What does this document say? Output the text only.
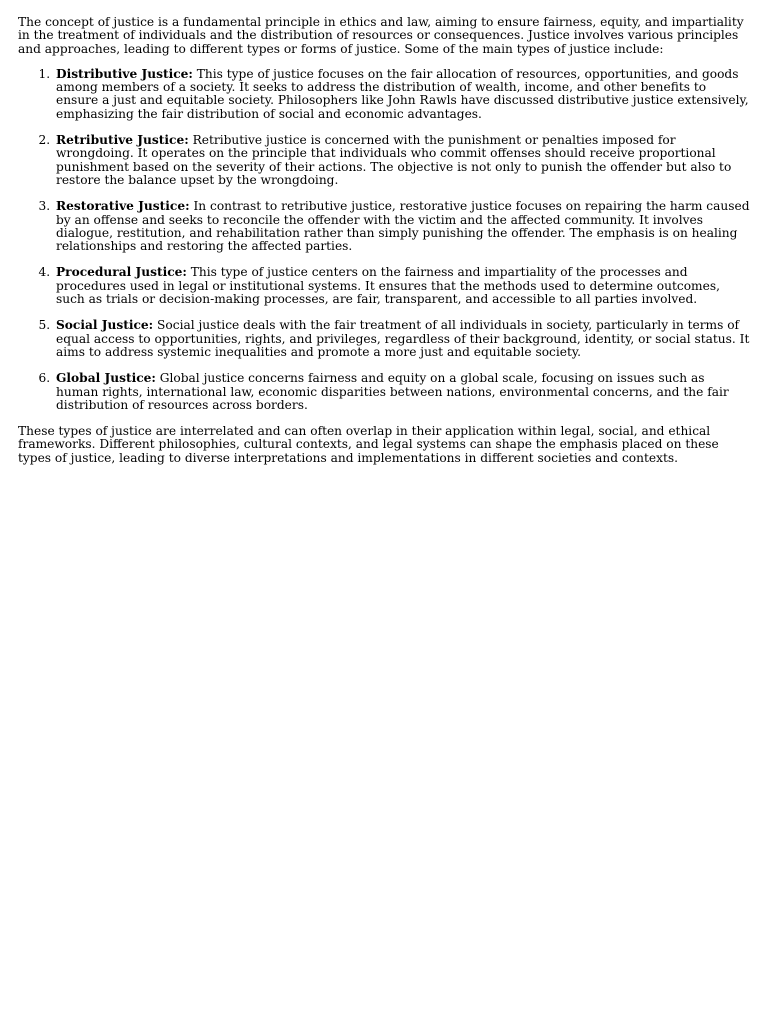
The concept of justice is a fundamental principle in ethics and law, aiming to ensure fairness, equity, and impartiality in the treatment of individuals and the distribution of resources or consequences. Justice involves various principles and approaches, leading to different types or forms of justice. Some of the main types of justice include:

1. Distributive Justice: This type of justice focuses on the fair allocation of resources, opportunities, and goods among members of a society. It seeks to address the distribution of wealth, income, and other benefits to ensure a just and equitable society. Philosophers like John Rawls have discussed distributive justice extensively, emphasizing the fair distribution of social and economic advantages.
2. Retributive Justice: Retributive justice is concerned with the punishment or penalties imposed for wrongdoing. It operates on the principle that individuals who commit offenses should receive proportional punishment based on the severity of their actions. The objective is not only to punish the offender but also to restore the balance upset by the wrongdoing.
3. Restorative Justice: In contrast to retributive justice, restorative justice focuses on repairing the harm caused by an offense and seeks to reconcile the offender with the victim and the affected community. It involves dialogue, restitution, and rehabilitation rather than simply punishing the offender. The emphasis is on healing relationships and restoring the affected parties.
4. Procedural Justice: This type of justice centers on the fairness and impartiality of the processes and procedures used in legal or institutional systems. It ensures that the methods used to determine outcomes, such as trials or decision-making processes, are fair, transparent, and accessible to all parties involved.
5. Social Justice: Social justice deals with the fair treatment of all individuals in society, particularly in terms of equal access to opportunities, rights, and privileges, regardless of their background, identity, or social status. It aims to address systemic inequalities and promote a more just and equitable society.
6. Global Justice: Global justice concerns fairness and equity on a global scale, focusing on issues such as human rights, international law, economic disparities between nations, environmental concerns, and the fair distribution of resources across borders.

These types of justice are interrelated and can often overlap in their application within legal, social, and ethical frameworks. Different philosophies, cultural contexts, and legal systems can shape the emphasis placed on these types of justice, leading to diverse interpretations and implementations in different societies and contexts.
